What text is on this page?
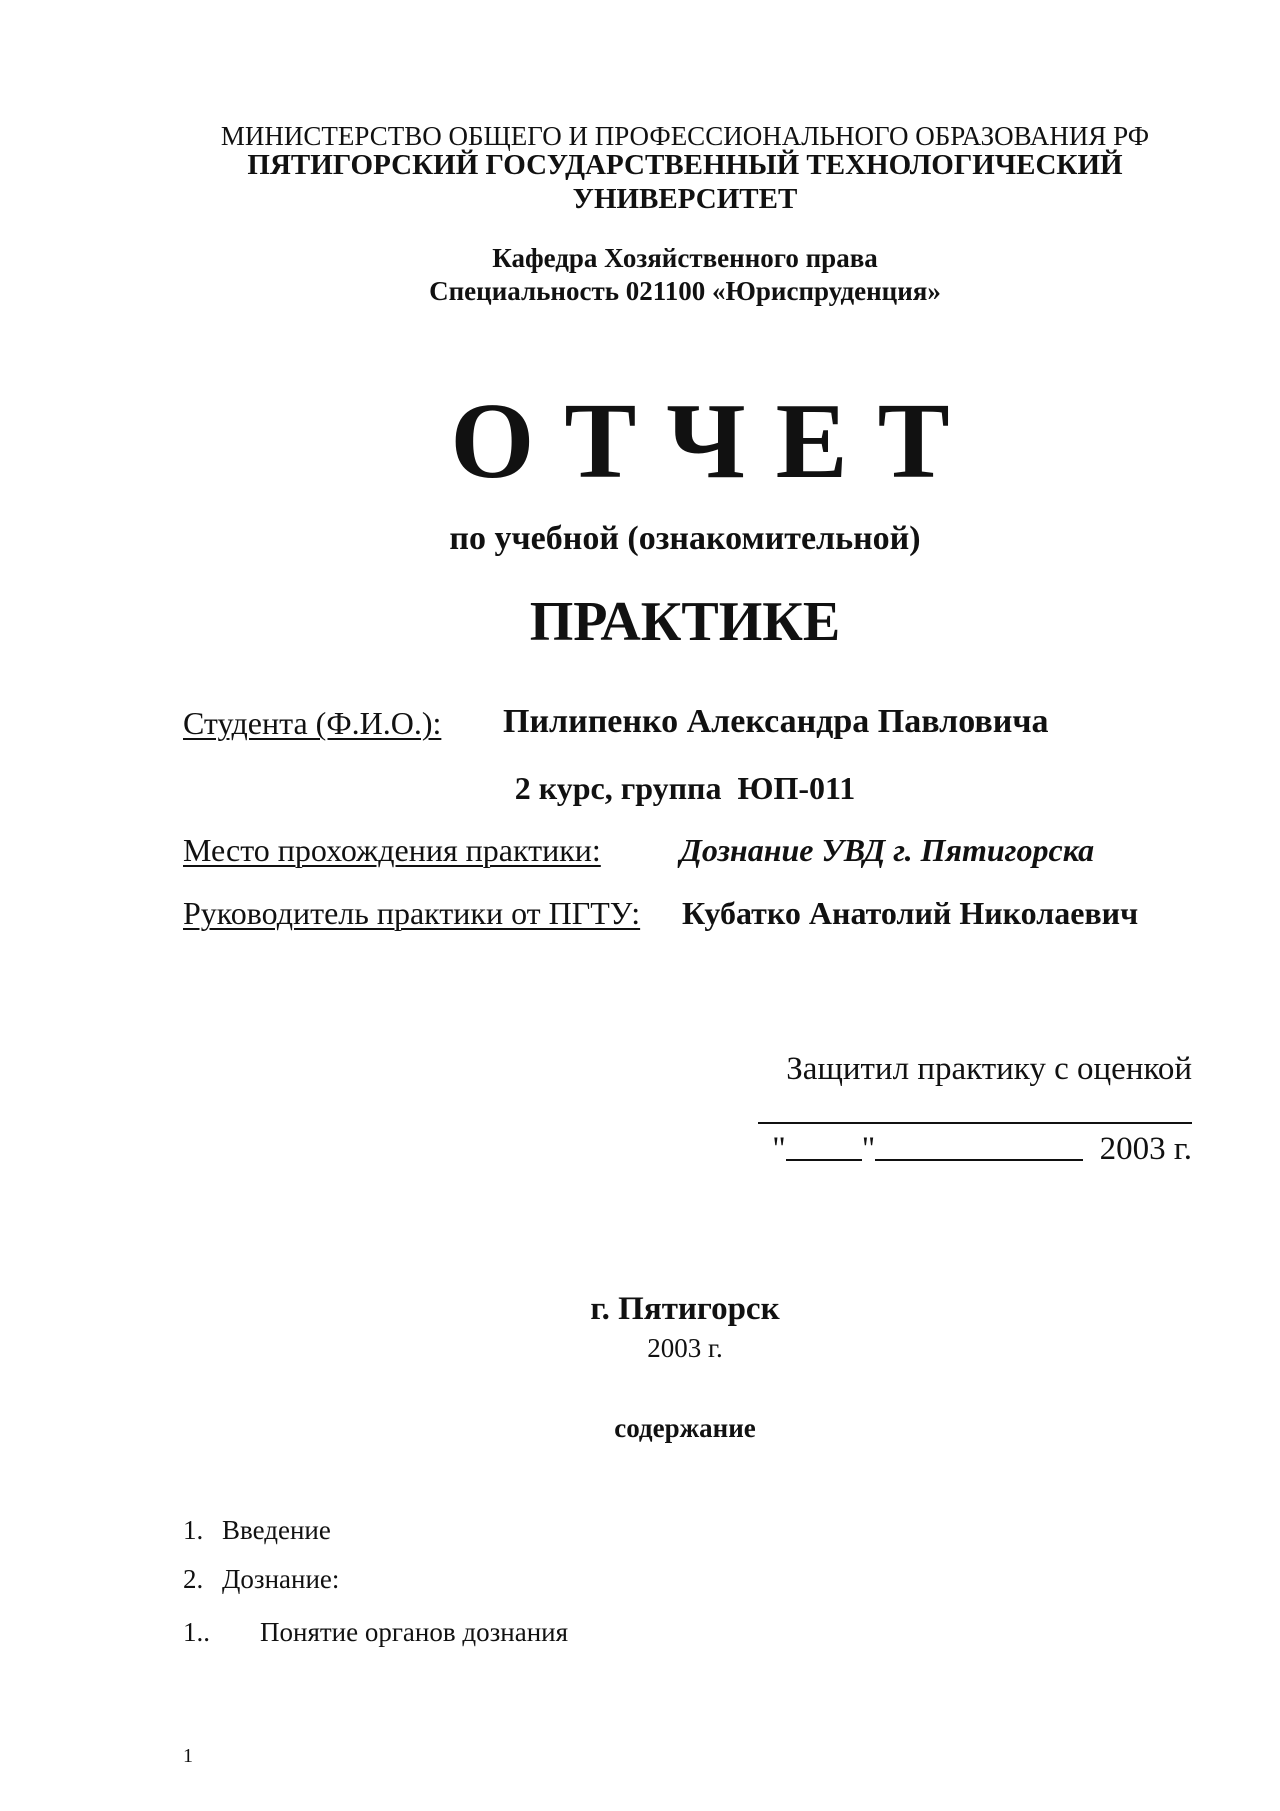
МИНИСТЕРСТВО ОБЩЕГО И ПРОФЕССИОНАЛЬНОГО ОБРАЗОВАНИЯ РФ
ПЯТИГОРСКИЙ ГОСУДАРСТВЕННЫЙ ТЕХНОЛОГИЧЕСКИЙ
УНИВЕРСИТЕТ
Кафедра Хозяйственного права
Специальность 021100 «Юриспруденция»
ОТЧЕТ
по учебной (ознакомительной)
ПРАКТИКЕ
Студента (Ф.И.О.): Пилипенко Александра Павловича
2 курс, группа  ЮП-011
Место прохождения практики: Дознание УВД г. Пятигорска
Руководитель практики от ПГТУ: Кубатко Анатолий Николаевич
Защитил практику с оценкой
" "	2003 г.
г. Пятигорск
2003 г.
содержание
1. Введение
2. Дознание:
1.. Понятие органов дознания
1
